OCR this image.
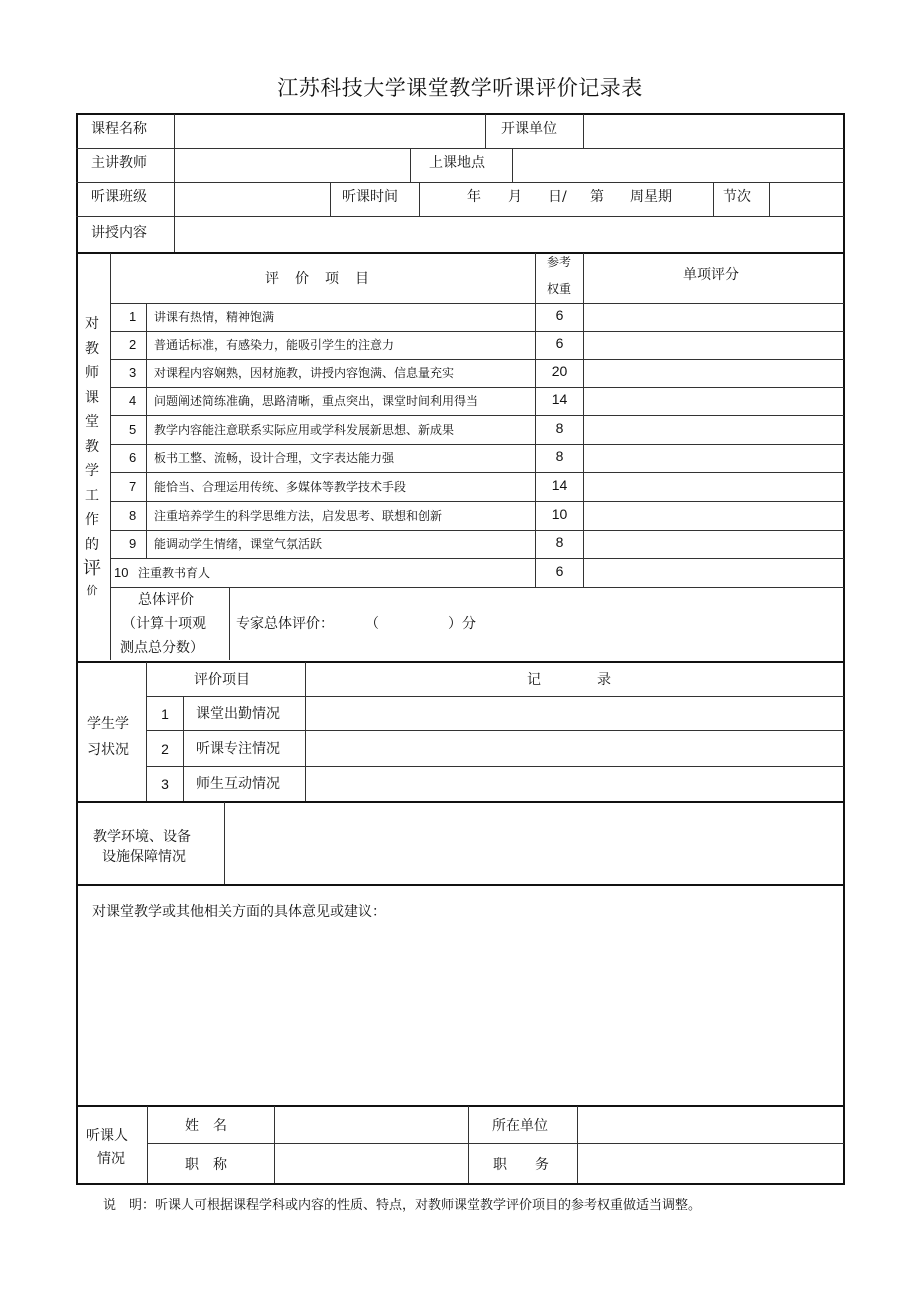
江苏科技大学课堂教学听课评价记录表
课程名称	开课单位
主讲教师	上课地点
听课班级	听课时间	年 月 日/ 第 周星期	节次
讲授内容
对
教
师
课
堂
教
学
工
作
的
评
价
评　价　项　目
参考
权重
单项评分
1 讲课有热情，精神饱满	6
2 普通话标准，有感染力，能吸引学生的注意力	6
3 对课程内容娴熟，因材施教，讲授内容饱满、信息量充实	20
4 问题阐述简练准确，思路清晰，重点突出，课堂时间利用得当	14
5 教学内容能注意联系实际应用或学科发展新思想、新成果	8
6 板书工整、流畅，设计合理，文字表达能力强	8
7 能恰当、合理运用传统、多媒体等教学技术手段	14
8 注重培养学生的科学思维方法，启发思考、联想和创新	10
9 能调动学生情绪，课堂气氛活跃	8
10 注重教书育人	6
总体评价
（计算十项观
测点总分数）
专家总体评价： （	）分
学生学
习状况
评价项目	记　　　　录
1	课堂出勤情况
2	听课专注情况
3	师生互动情况
教学环境、设备
设施保障情况
对课堂教学或其他相关方面的具体意见或建议：
听课人
情况
姓　名	所在单位
职　称	职　　务
说　明：听课人可根据课程学科或内容的性质、特点，对教师课堂教学评价项目的参考权重做适当调整。
